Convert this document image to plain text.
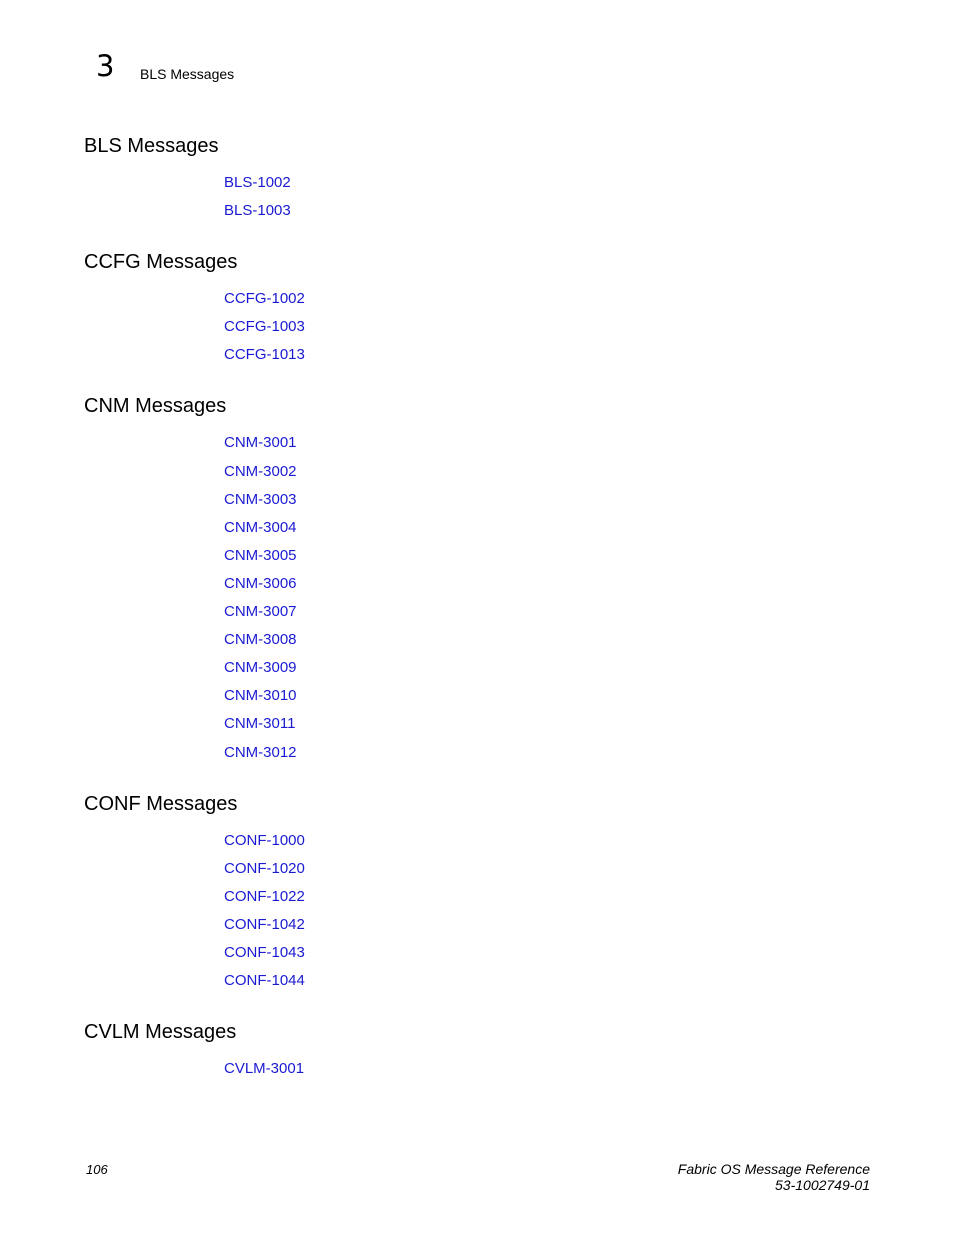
3 BLS Messages
BLS Messages
BLS-1002
BLS-1003
CCFG Messages
CCFG-1002
CCFG-1003
CCFG-1013
CNM Messages
CNM-3001
CNM-3002
CNM-3003
CNM-3004
CNM-3005
CNM-3006
CNM-3007
CNM-3008
CNM-3009
CNM-3010
CNM-3011
CNM-3012
CONF Messages
CONF-1000
CONF-1020
CONF-1022
CONF-1042
CONF-1043
CONF-1044
CVLM Messages
CVLM-3001
106	Fabric OS Message Reference
53-1002749-01
